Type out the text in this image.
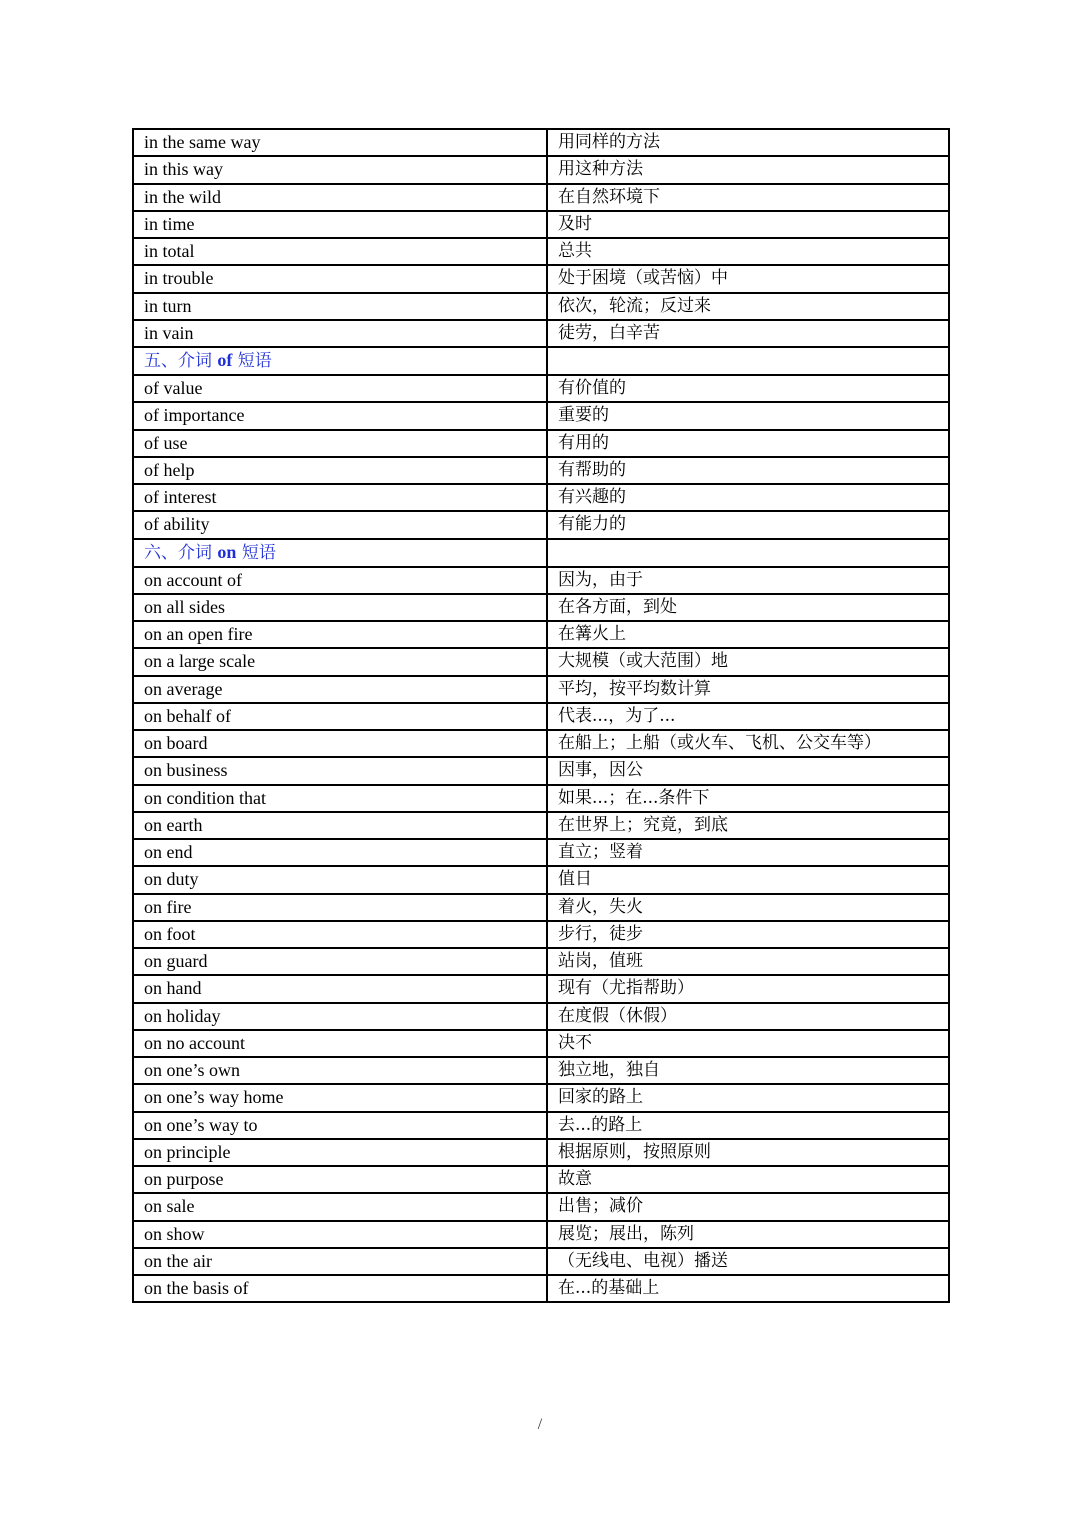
in the same way	用同样的方法
in this way	用这种方法
in the wild	在自然环境下
in time	及时
in total	总共
in trouble	处于困境（或苦恼）中
in turn	依次，轮流；反过来
in vain	徒劳，白辛苦
五、介词 of 短语	
of value	有价值的
of importance	重要的
of use	有用的
of help	有帮助的
of interest	有兴趣的
of ability	有能力的
六、介词 on 短语	
on account of	因为，由于
on all sides	在各方面，到处
on an open fire	在篝火上
on a large scale	大规模（或大范围）地
on average	平均，按平均数计算
on behalf of	代表...，为了...
on board	在船上；上船（或火车、飞机、公交车等）
on business	因事，因公
on condition that	如果...；在...条件下
on earth	在世界上；究竟，到底
on end	直立；竖着
on duty	值日
on fire	着火，失火
on foot	步行，徒步
on guard	站岗，值班
on hand	现有（尤指帮助）
on holiday	在度假（休假）
on no account	决不
on one’s own	独立地，独自
on one’s way home	回家的路上
on one’s way to	去...的路上
on principle	根据原则，按照原则
on purpose	故意
on sale	出售；减价
on show	展览；展出，陈列
on the air	（无线电、电视）播送
on the basis of	在...的基础上
/
